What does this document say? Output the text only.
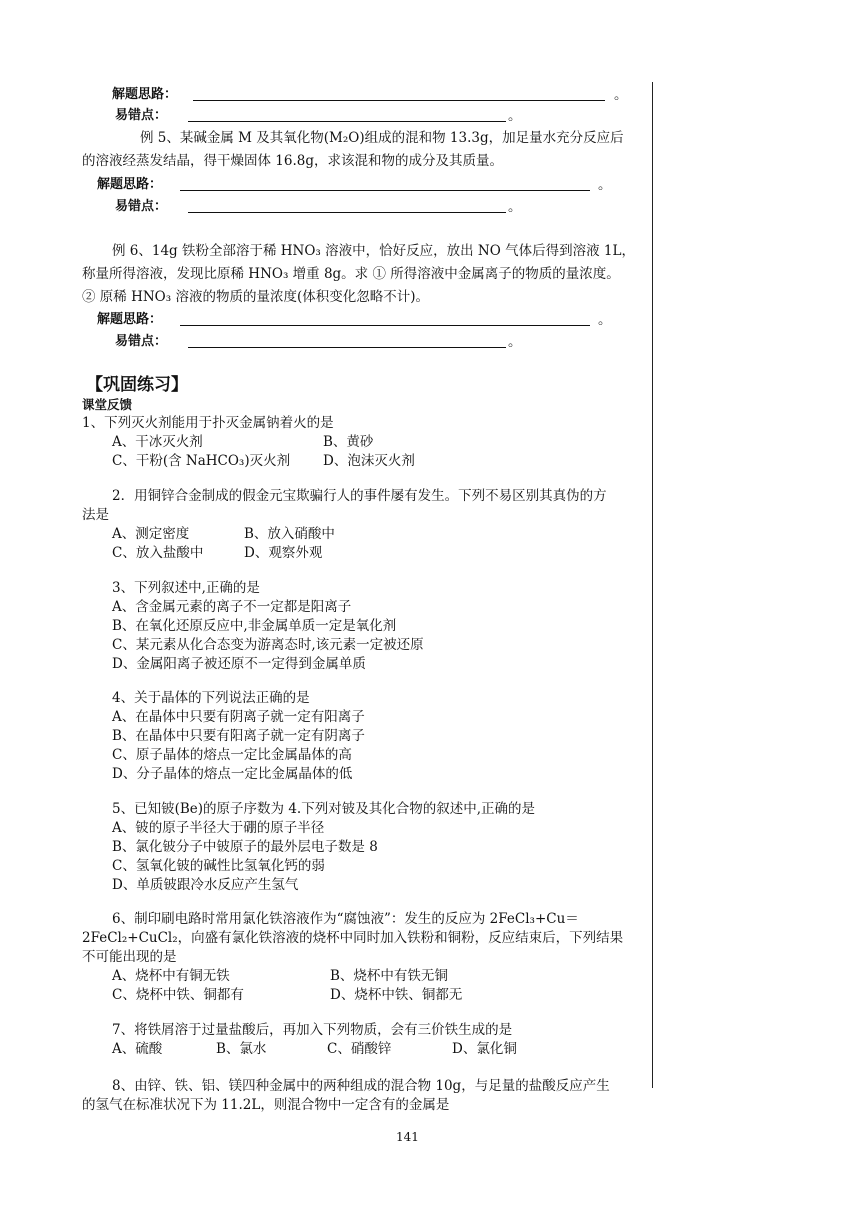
解题思路：	。
易错点：	。
例 5、某碱金属 M 及其氧化物(M₂O)组成的混和物 13.3g，加足量水充分反应后
的溶液经蒸发结晶，得干燥固体 16.8g，求该混和物的成分及其质量。
解题思路：	。
易错点：	。
例 6、14g 铁粉全部溶于稀 HNO₃ 溶液中，恰好反应，放出 NO 气体后得到溶液 1L，
称量所得溶液，发现比原稀 HNO₃ 增重 8g。求 ① 所得溶液中金属离子的物质的量浓度。
② 原稀 HNO₃ 溶液的物质的量浓度(体积变化忽略不计)。
解题思路：	。
易错点：	。
【巩固练习】
课堂反馈
1、下列灭火剂能用于扑灭金属钠着火的是
A、干冰灭火剂	B、黄砂
C、干粉(含 NaHCO₃)灭火剂 D、泡沫灭火剂
2．用铜锌合金制成的假金元宝欺骗行人的事件屡有发生。下列不易区别其真伪的方
法是
A、测定密度	B、放入硝酸中
C、放入盐酸中	D、观察外观
3、下列叙述中,正确的是
A、含金属元素的离子不一定都是阳离子
B、在氧化还原反应中,非金属单质一定是氧化剂
C、某元素从化合态变为游离态时,该元素一定被还原
D、金属阳离子被还原不一定得到金属单质
4、关于晶体的下列说法正确的是
A、在晶体中只要有阴离子就一定有阳离子
B、在晶体中只要有阳离子就一定有阴离子
C、原子晶体的熔点一定比金属晶体的高
D、分子晶体的熔点一定比金属晶体的低
5、已知铍(Be)的原子序数为 4.下列对铍及其化合物的叙述中,正确的是
A、铍的原子半径大于硼的原子半径
B、氯化铍分子中铍原子的最外层电子数是 8
C、氢氧化铍的碱性比氢氧化钙的弱
D、单质铍跟冷水反应产生氢气
6、制印刷电路时常用氯化铁溶液作为“腐蚀液”：发生的反应为 2FeCl₃+Cu＝
2FeCl₂+CuCl₂，向盛有氯化铁溶液的烧杯中同时加入铁粉和铜粉，反应结束后，下列结果
不可能出现的是
A、烧杯中有铜无铁	B、烧杯中有铁无铜
C、烧杯中铁、铜都有	D、烧杯中铁、铜都无
7、将铁屑溶于过量盐酸后，再加入下列物质，会有三价铁生成的是
A、硫酸	B、氯水	C、硝酸锌	D、氯化铜
8、由锌、铁、铝、镁四种金属中的两种组成的混合物 10g，与足量的盐酸反应产生
的氢气在标准状况下为 11.2L，则混合物中一定含有的金属是
141
